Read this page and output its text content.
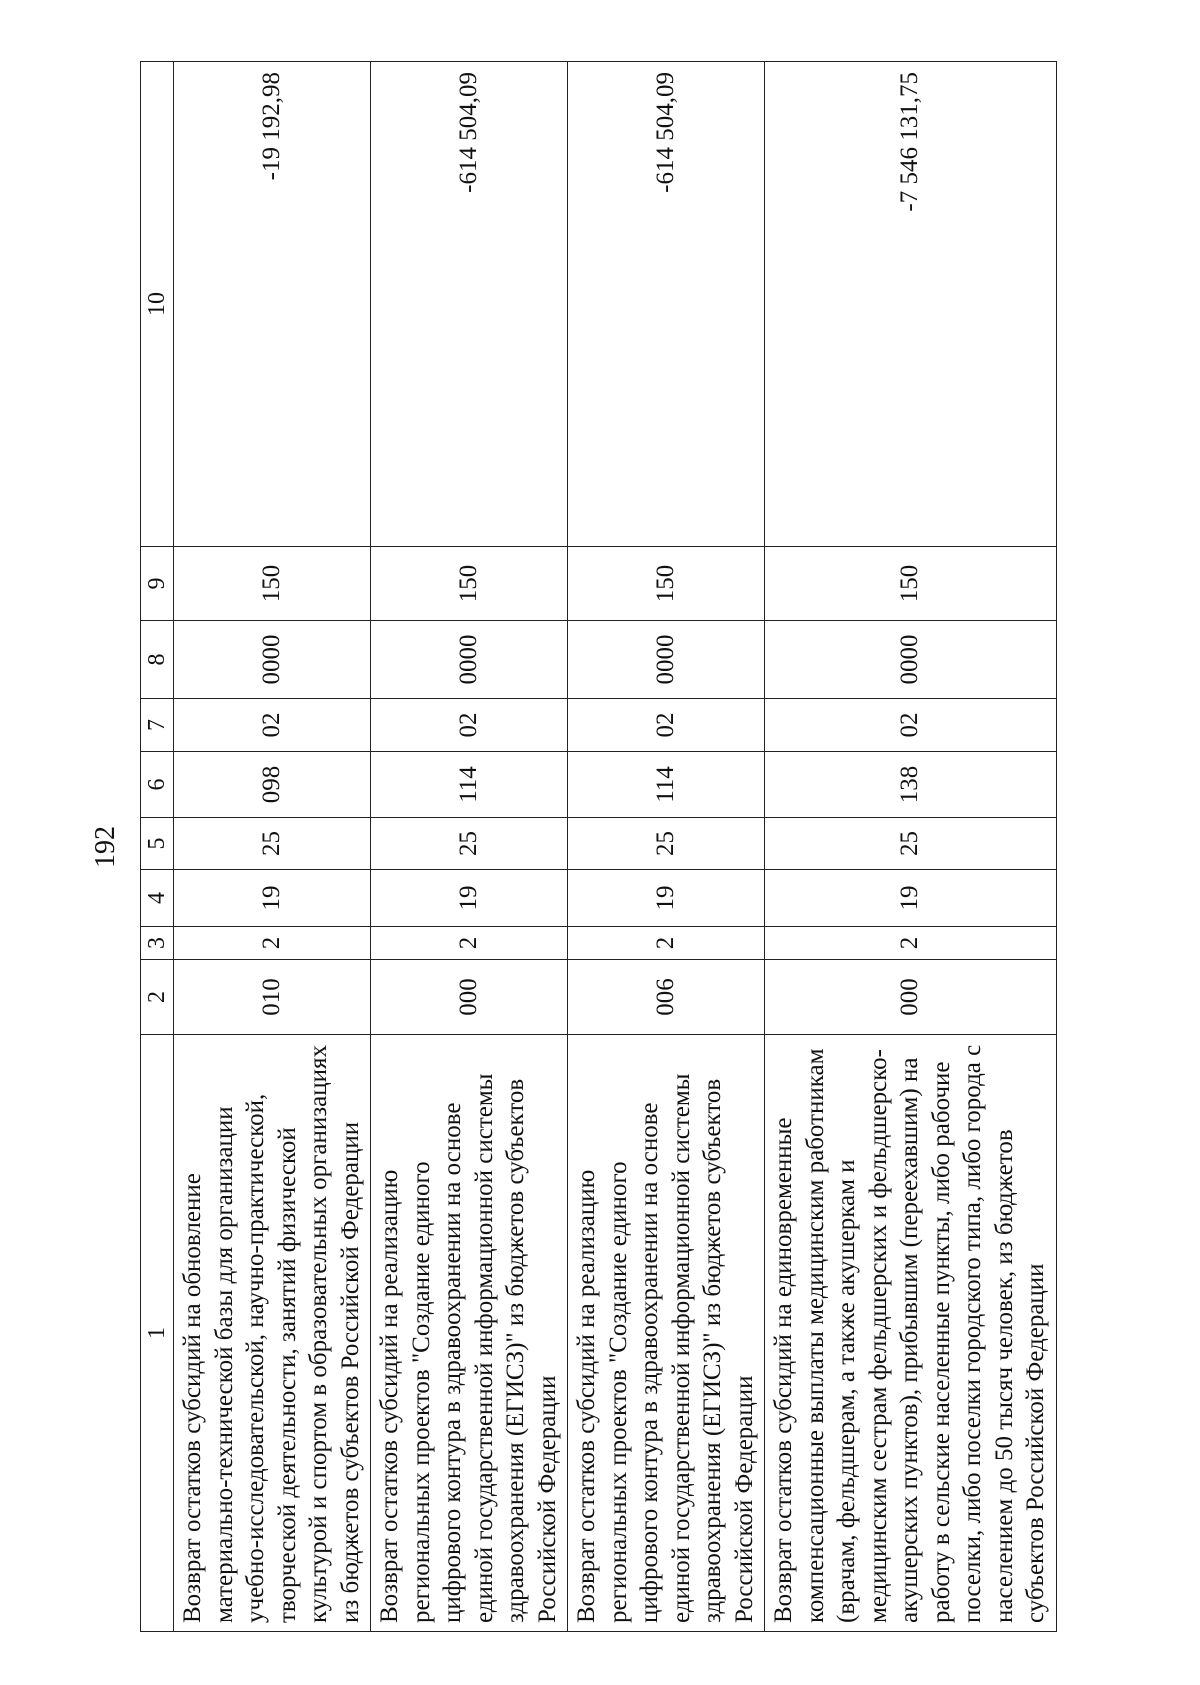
192
1	2	3	4	5	6	7	8	9	10
Возврат остатков субсидий на обновление материально-технической базы для организации учебно-исследовательской, научно-практической, творческой деятельности, занятий физической культурой и спортом в образовательных организациях из бюджетов субъектов Российской Федерации	010	2	19	25	098	02	0000	150	-19 192,98
Возврат остатков субсидий на реализацию региональных проектов "Создание единого цифрового контура в здравоохранении на основе единой государственной информационной системы здравоохранения (ЕГИСЗ)" из бюджетов субъектов Российской Федерации	000	2	19	25	114	02	0000	150	-614 504,09
Возврат остатков субсидий на реализацию региональных проектов "Создание единого цифрового контура в здравоохранении на основе единой государственной информационной системы здравоохранения (ЕГИСЗ)" из бюджетов субъектов Российской Федерации	006	2	19	25	114	02	0000	150	-614 504,09
Возврат остатков субсидий на единовременные компенсационные выплаты медицинским работникам (врачам, фельдшерам, а также акушеркам и медицинским сестрам фельдшерских и фельдшерско-акушерских пунктов), прибывшим (переехавшим) на работу в сельские населенные пункты, либо рабочие поселки, либо поселки городского типа, либо города с населением до 50 тысяч человек, из бюджетов субъектов Российской Федерации	000	2	19	25	138	02	0000	150	-7 546 131,75
